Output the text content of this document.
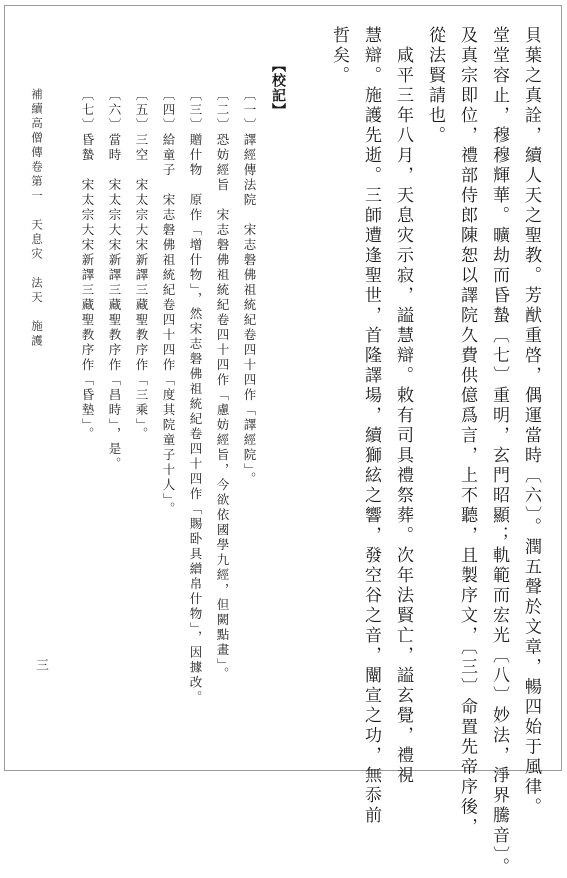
貝葉之真詮，續人天之聖教。芳猷重啓，偶運當時〔六〕。潤五聲於文章，暢四始于風律。
堂堂容止，穆穆輝華。曠劫而昏蟄〔七〕重明，玄門昭顯；軌範而宏光〔八〕妙法，淨界騰音〕。
及真宗即位，禮部侍郎陳恕以譯院久費供億爲言，上不聽，且製序文，〔三〕命置先帝序後，
從法賢請也。
咸平三年八月，天息灾示寂，謚慧辯。敕有司具禮祭葬。次年法賢亡，謚玄覺，禮視
慧辯。施護先逝。三師遭逢聖世，首隆譯場，續獅絃之響，發空谷之音，闡宣之功，無忝前
哲矣。
【校記】
〔一〕譯經傳法院　宋志磐佛祖統紀卷四十四作「譯經院」。
〔二〕恐妨經旨　宋志磐佛祖統紀卷四十四作「慮妨經旨，今欲依國學九經，但闕點畫」。
〔三〕贈什物　原作「增什物」，然宋志磐佛祖統紀卷四十四作「賜卧具繒帛什物」，因據改。
〔四〕給童子　宋志磐佛祖統紀卷四十四作「度其院童子十人」。
〔五〕三空　宋太宗大宋新譯三藏聖教序作「三乘」。
〔六〕當時　宋太宗大宋新譯三藏聖教序作「昌時」，是。
〔七〕昏蟄　宋太宗大宋新譯三藏聖教序作「昏墊」。
補續高僧傳卷第一　天息灾　法天　施護
三
